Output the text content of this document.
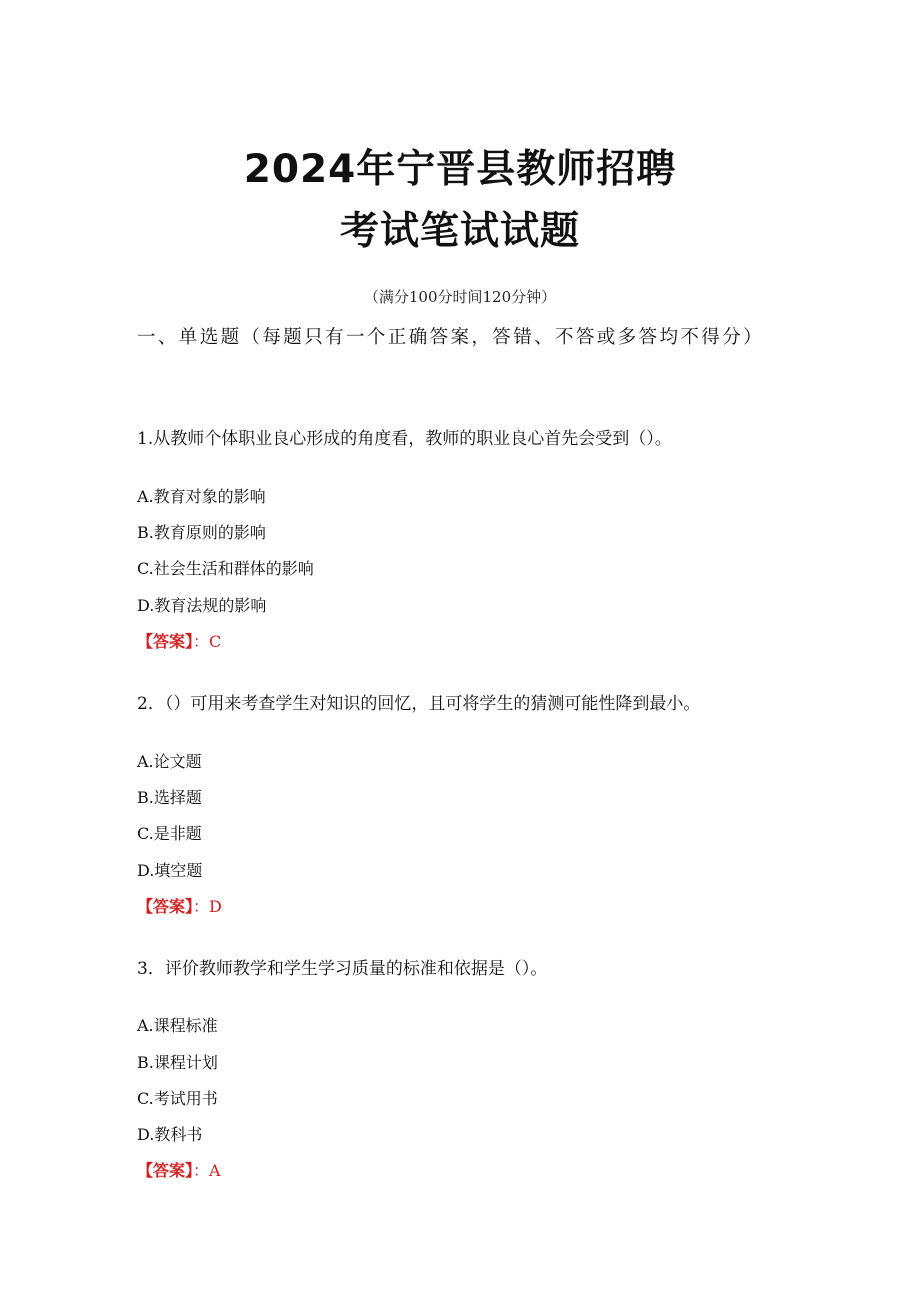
2024年宁晋县教师招聘
考试笔试试题
（满分100分时间120分钟）
一、单选题（每题只有一个正确答案，答错、不答或多答均不得分）
1.从教师个体职业良心形成的角度看，教师的职业良心首先会受到（）。
A.教育对象的影响
B.教育原则的影响
C.社会生活和群体的影响
D.教育法规的影响
【答案】：C
2．（）可用来考查学生对知识的回忆，且可将学生的猜测可能性降到最小。
A.论文题
B.选择题
C.是非题
D.填空题
【答案】：D
3．评价教师教学和学生学习质量的标准和依据是（）。
A.课程标准
B.课程计划
C.考试用书
D.教科书
【答案】：A
